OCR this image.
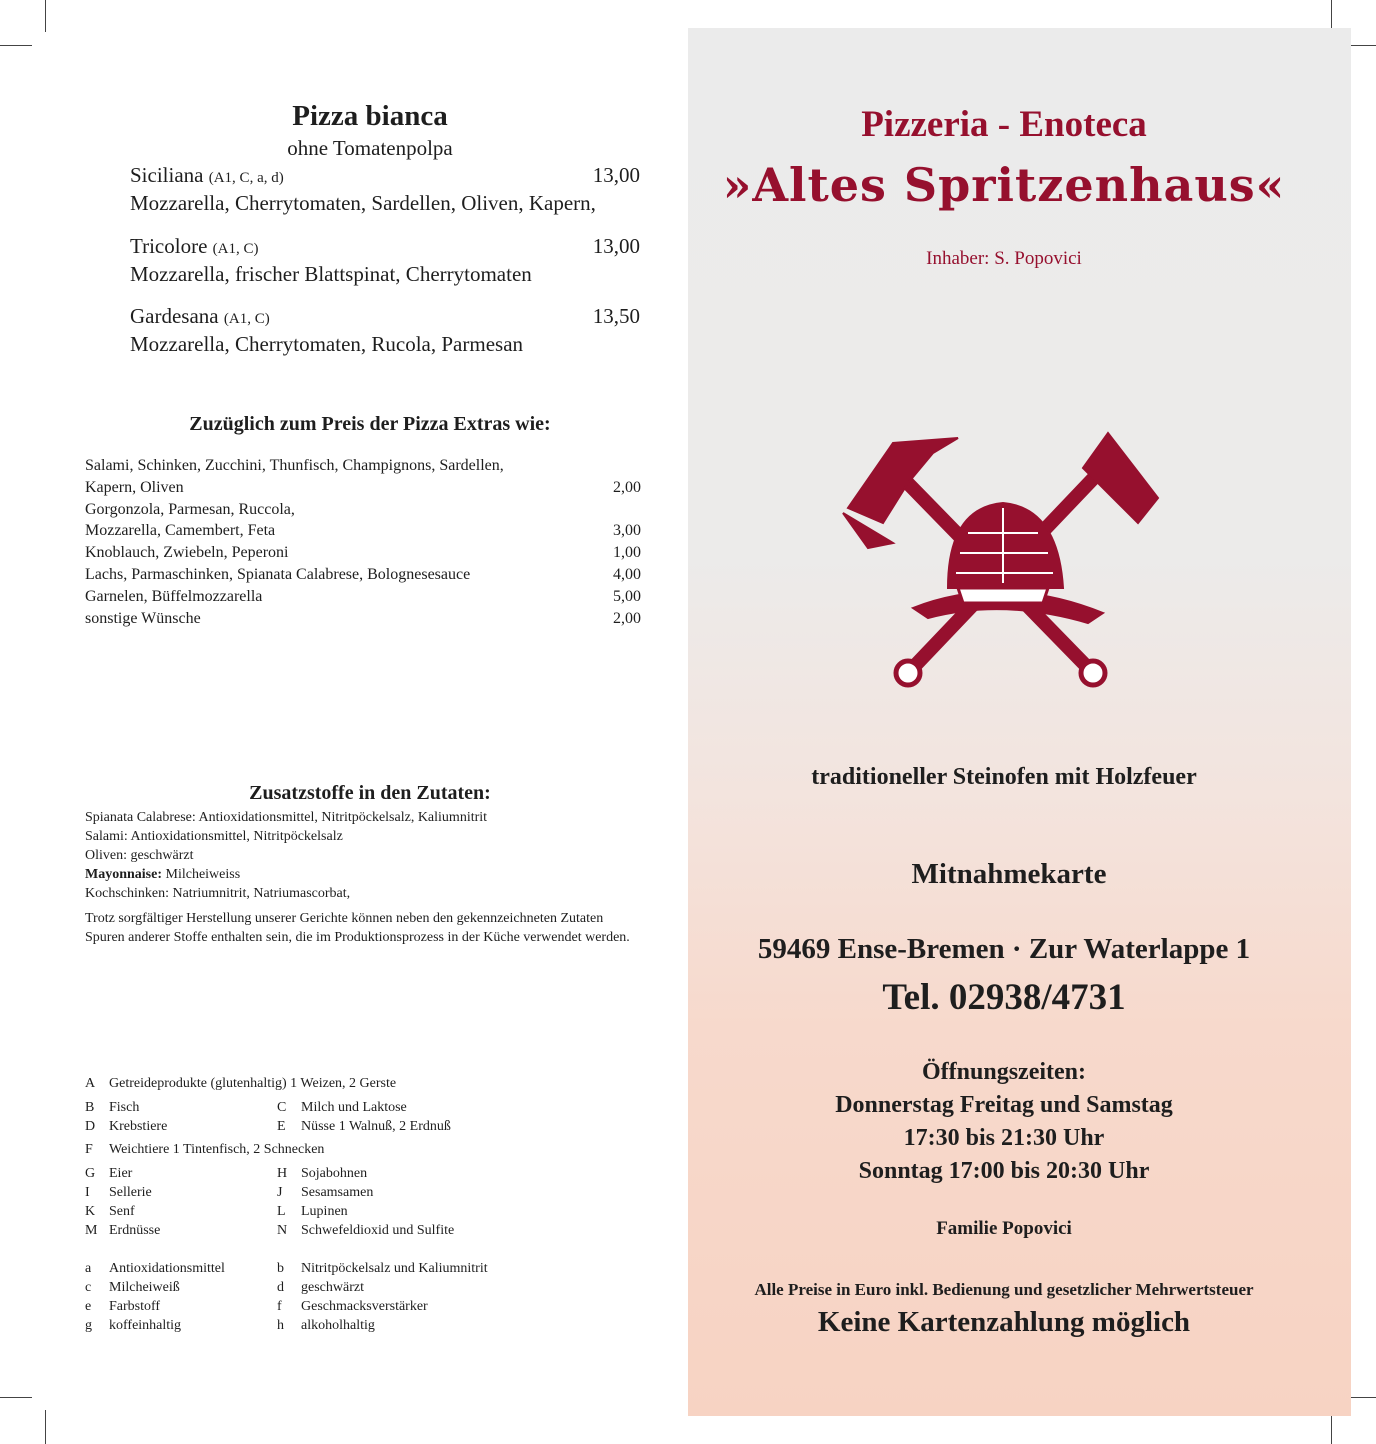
Pizza bianca
ohne Tomatenpolpa
Siciliana (A1, C, a, d)	13,00
Mozzarella, Cherrytomaten, Sardellen, Oliven, Kapern,
Tricolore (A1, C)	13,00
Mozzarella, frischer Blattspinat, Cherrytomaten
Gardesana (A1, C)	13,50
Mozzarella, Cherrytomaten, Rucola, Parmesan
Zuzüglich zum Preis der Pizza Extras wie:
Salami, Schinken, Zucchini, Thunfisch, Champignons, Sardellen,
Kapern, Oliven	2,00
Gorgonzola, Parmesan, Ruccola,
Mozzarella, Camembert, Feta	3,00
Knoblauch, Zwiebeln, Peperoni	1,00
Lachs, Parmaschinken, Spianata Calabrese, Bolognesesauce	4,00
Garnelen, Büffelmozzarella	5,00
sonstige Wünsche	2,00
Zusatzstoffe in den Zutaten:
Spianata Calabrese: Antioxidationsmittel, Nitritpöckelsalz, Kaliumnitrit
Salami: Antioxidationsmittel, Nitritpöckelsalz
Oliven: geschwärzt
Mayonnaise: Milcheiweiss
Kochschinken: Natriumnitrit, Natriumascorbat,
Trotz sorgfältiger Herstellung unserer Gerichte können neben den gekennzeichneten Zutaten Spuren anderer Stoffe enthalten sein, die im Produktionsprozess in der Küche verwendet werden.
A Getreideprodukte (glutenhaltig) 1 Weizen, 2 Gerste
B Fisch	C Milch und Laktose
D Krebstiere	E Nüsse 1 Walnuß, 2 Erdnuß
F Weichtiere 1 Tintenfisch, 2 Schnecken
G Eier	H Sojabohnen
I Sellerie	J Sesamsamen
K Senf	L Lupinen
M Erdnüsse	N Schwefeldioxid und Sulfite
a Antioxidationsmittel	b Nitritpöckelsalz und Kaliumnitrit
c Milcheiweiß	d geschwärzt
e Farbstoff	f Geschmacksverstärker
g koffeinhaltig	h alkoholhaltig
Pizzeria - Enoteca
»Altes Spritzenhaus«
Inhaber: S. Popovici
traditioneller Steinofen mit Holzfeuer
Mitnahmekarte
59469 Ense-Bremen · Zur Waterlappe 1
Tel. 02938/4731
Öffnungszeiten:
Donnerstag Freitag und Samstag
17:30 bis 21:30 Uhr
Sonntag 17:00 bis 20:30 Uhr
Familie Popovici
Alle Preise in Euro inkl. Bedienung und gesetzlicher Mehrwertsteuer
Keine Kartenzahlung möglich
